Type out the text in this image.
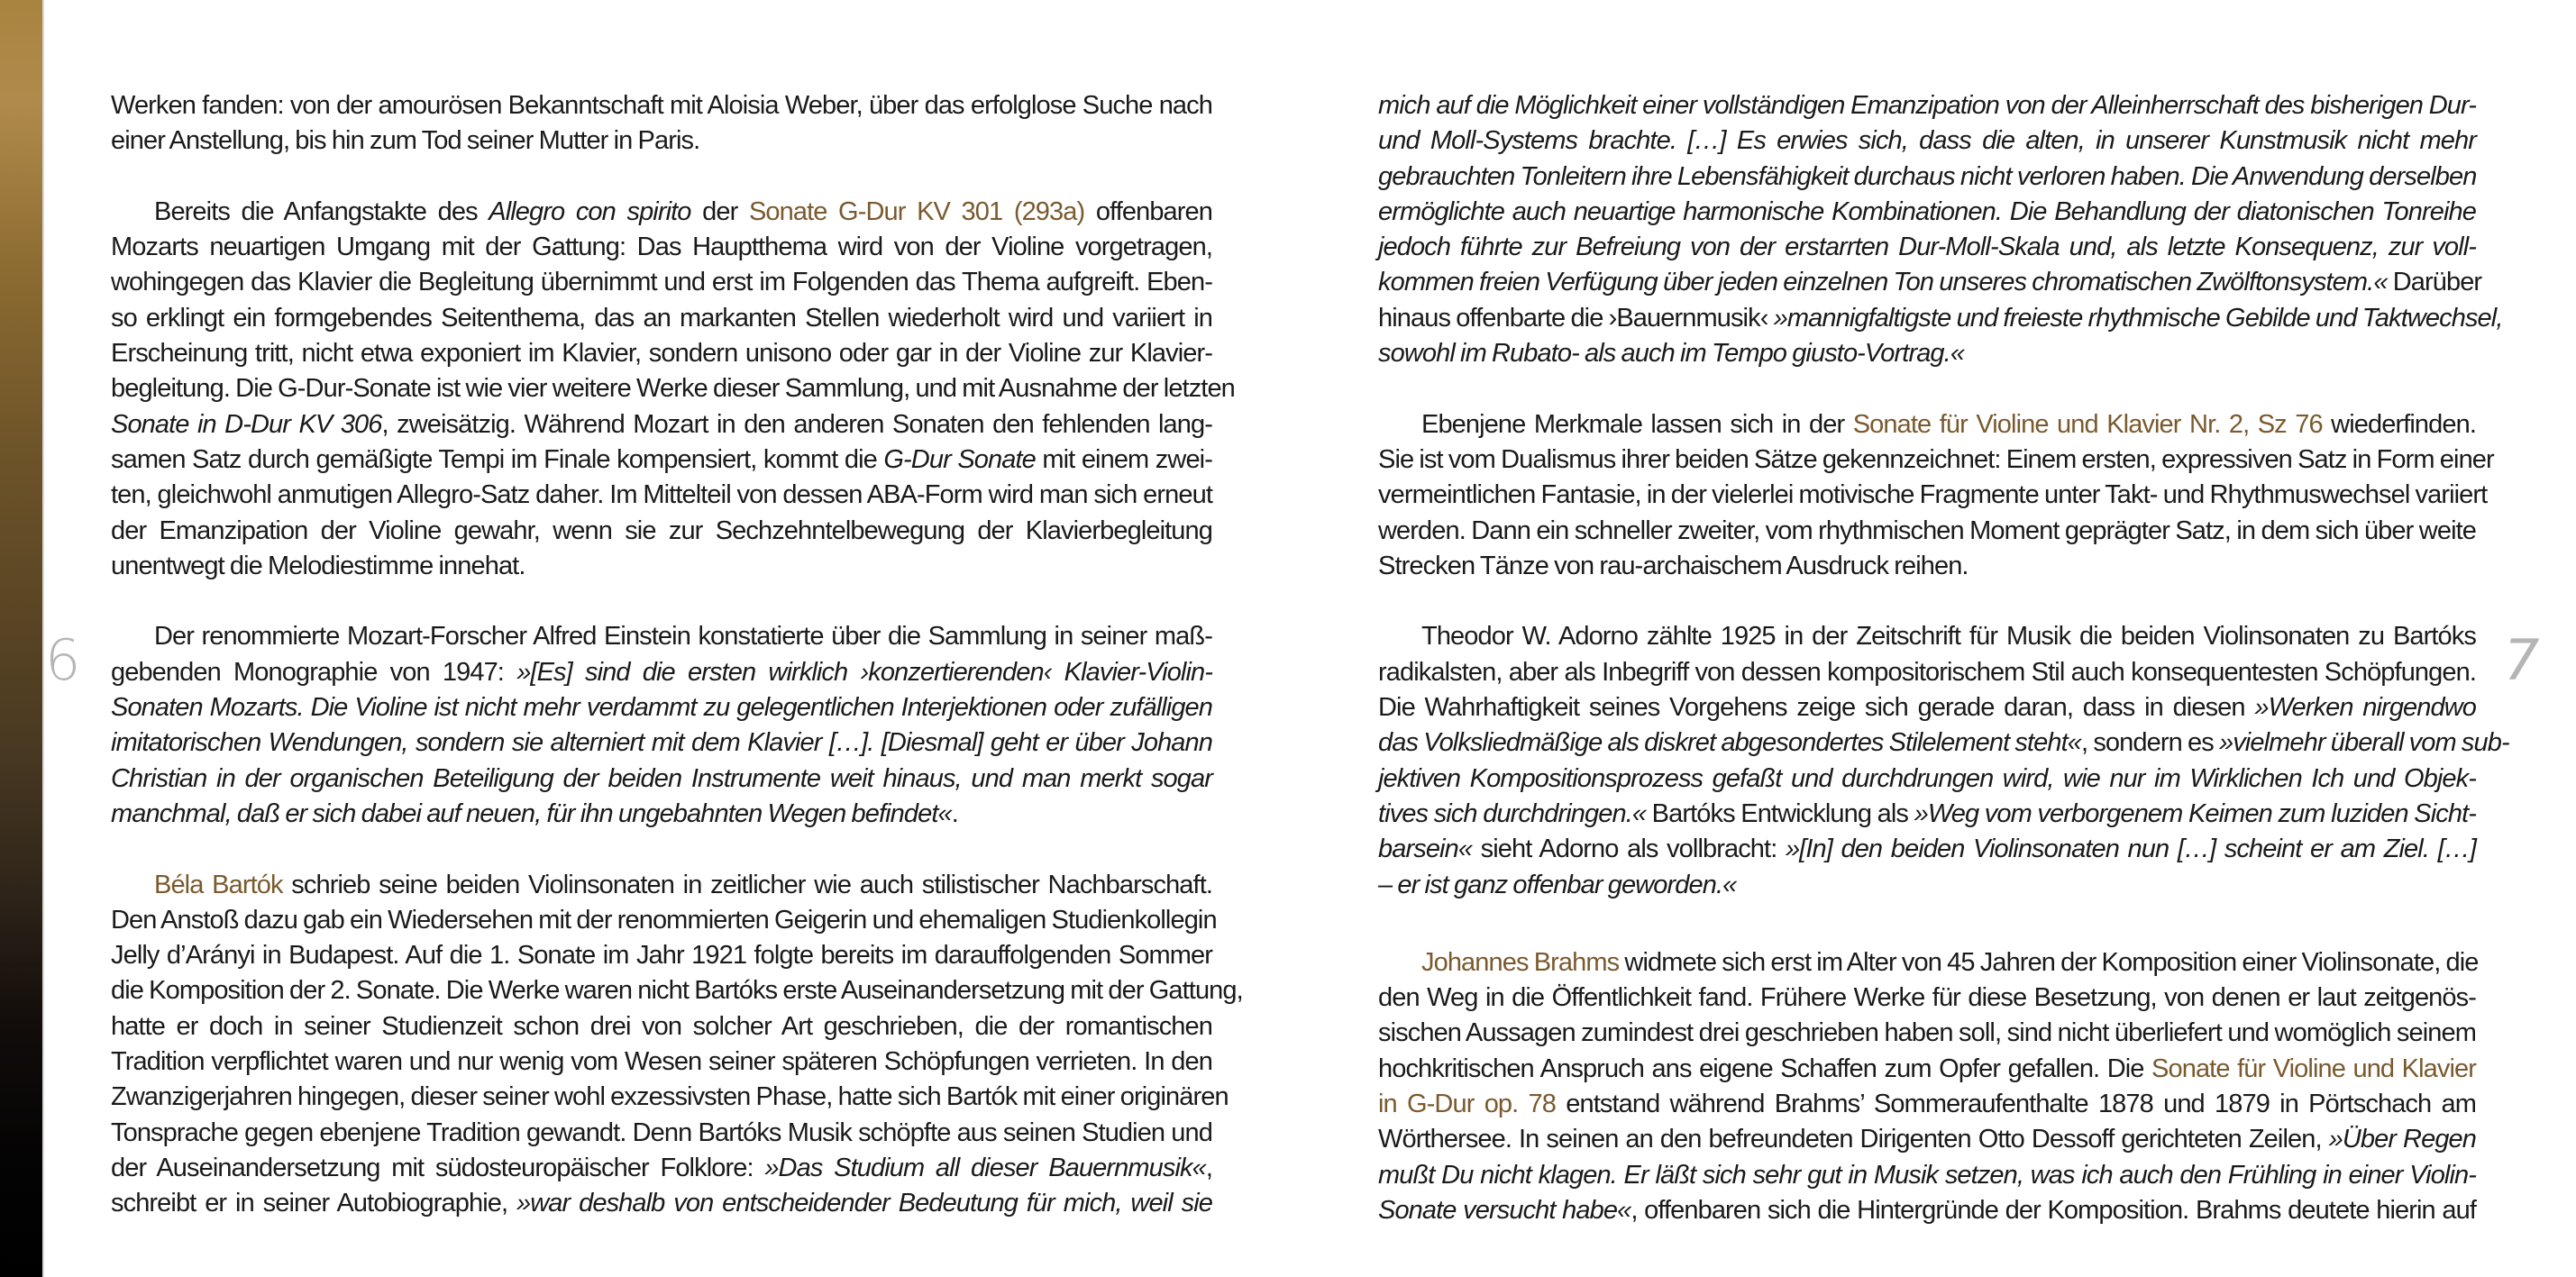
6	7
Werken fanden: von der amourösen Bekanntschaft mit Aloisia Weber, über das erfolglose Suche nach
einer Anstellung, bis hin zum Tod seiner Mutter in Paris.
Bereits die Anfangstakte des Allegro con spirito der Sonate G-Dur KV 301 (293a) offenbaren
Mozarts neuartigen Umgang mit der Gattung: Das Hauptthema wird von der Violine vorgetragen,
wohingegen das Klavier die Begleitung übernimmt und erst im Folgenden das Thema aufgreift. Eben-
so erklingt ein formgebendes Seitenthema, das an markanten Stellen wiederholt wird und variiert in
Erscheinung tritt, nicht etwa exponiert im Klavier, sondern unisono oder gar in der Violine zur Klavier-
begleitung. Die G-Dur-Sonate ist wie vier weitere Werke dieser Sammlung, und mit Ausnahme der letzten
Sonate in D-Dur KV 306, zweisätzig. Während Mozart in den anderen Sonaten den fehlenden lang-
samen Satz durch gemäßigte Tempi im Finale kompensiert, kommt die G-Dur Sonate mit einem zwei-
ten, gleichwohl anmutigen Allegro-Satz daher. Im Mittelteil von dessen ABA-Form wird man sich erneut
der Emanzipation der Violine gewahr, wenn sie zur Sechzehntelbewegung der Klavierbegleitung
unentwegt die Melodiestimme innehat.
Der renommierte Mozart-Forscher Alfred Einstein konstatierte über die Sammlung in seiner maß-
gebenden Monographie von 1947: »[Es] sind die ersten wirklich ›konzertierenden‹ Klavier-Violin-
Sonaten Mozarts. Die Violine ist nicht mehr verdammt zu gelegentlichen Interjektionen oder zufälligen
imitatorischen Wendungen, sondern sie alterniert mit dem Klavier […]. [Diesmal] geht er über Johann
Christian in der organischen Beteiligung der beiden Instrumente weit hinaus, und man merkt sogar
manchmal, daß er sich dabei auf neuen, für ihn ungebahnten Wegen befindet«.
Béla Bartók schrieb seine beiden Violinsonaten in zeitlicher wie auch stilistischer Nachbarschaft.
Den Anstoß dazu gab ein Wiedersehen mit der renommierten Geigerin und ehemaligen Studienkollegin
Jelly d’Arányi in Budapest. Auf die 1. Sonate im Jahr 1921 folgte bereits im darauffolgenden Sommer
die Komposition der 2. Sonate. Die Werke waren nicht Bartóks erste Auseinandersetzung mit der Gattung,
hatte er doch in seiner Studienzeit schon drei von solcher Art geschrieben, die der romantischen
Tradition verpflichtet waren und nur wenig vom Wesen seiner späteren Schöpfungen verrieten. In den
Zwanzigerjahren hingegen, dieser seiner wohl exzessivsten Phase, hatte sich Bartók mit einer originären
Tonsprache gegen ebenjene Tradition gewandt. Denn Bartóks Musik schöpfte aus seinen Studien und
der Auseinandersetzung mit südosteuropäischer Folklore: »Das Studium all dieser Bauernmusik«,
schreibt er in seiner Autobiographie, »war deshalb von entscheidender Bedeutung für mich, weil sie
mich auf die Möglichkeit einer vollständigen Emanzipation von der Alleinherrschaft des bisherigen Dur-
und Moll-Systems brachte. […] Es erwies sich, dass die alten, in unserer Kunstmusik nicht mehr
gebrauchten Tonleitern ihre Lebensfähigkeit durchaus nicht verloren haben. Die Anwendung derselben
ermöglichte auch neuartige harmonische Kombinationen. Die Behandlung der diatonischen Tonreihe
jedoch führte zur Befreiung von der erstarrten Dur-Moll-Skala und, als letzte Konsequenz, zur voll-
kommen freien Verfügung über jeden einzelnen Ton unseres chromatischen Zwölftonsystem.« Darüber
hinaus offenbarte die ›Bauernmusik‹ »mannigfaltigste und freieste rhythmische Gebilde und Taktwechsel,
sowohl im Rubato- als auch im Tempo giusto-Vortrag.«
Ebenjene Merkmale lassen sich in der Sonate für Violine und Klavier Nr. 2, Sz 76 wiederfinden.
Sie ist vom Dualismus ihrer beiden Sätze gekennzeichnet: Einem ersten, expressiven Satz in Form einer
vermeintlichen Fantasie, in der vielerlei motivische Fragmente unter Takt- und Rhythmuswechsel variiert
werden. Dann ein schneller zweiter, vom rhythmischen Moment geprägter Satz, in dem sich über weite
Strecken Tänze von rau-archaischem Ausdruck reihen.
Theodor W. Adorno zählte 1925 in der Zeitschrift für Musik die beiden Violinsonaten zu Bartóks
radikalsten, aber als Inbegriff von dessen kompositorischem Stil auch konsequentesten Schöpfungen.
Die Wahrhaftigkeit seines Vorgehens zeige sich gerade daran, dass in diesen »Werken nirgendwo
das Volksliedmäßige als diskret abgesondertes Stilelement steht«, sondern es »vielmehr überall vom sub-
jektiven Kompositionsprozess gefaßt und durchdrungen wird, wie nur im Wirklichen Ich und Objek-
tives sich durchdringen.« Bartóks Entwicklung als »Weg vom verborgenem Keimen zum luziden Sicht-
barsein« sieht Adorno als vollbracht: »[In] den beiden Violinsonaten nun […] scheint er am Ziel. […]
– er ist ganz offenbar geworden.«
Johannes Brahms widmete sich erst im Alter von 45 Jahren der Komposition einer Violinsonate, die
den Weg in die Öffentlichkeit fand. Frühere Werke für diese Besetzung, von denen er laut zeitgenös-
sischen Aussagen zumindest drei geschrieben haben soll, sind nicht überliefert und womöglich seinem
hochkritischen Anspruch ans eigene Schaffen zum Opfer gefallen. Die Sonate für Violine und Klavier
in G-Dur op. 78 entstand während Brahms’ Sommeraufenthalte 1878 und 1879 in Pörtschach am
Wörthersee. In seinen an den befreundeten Dirigenten Otto Dessoff gerichteten Zeilen, »Über Regen
mußt Du nicht klagen. Er läßt sich sehr gut in Musik setzen, was ich auch den Frühling in einer Violin-
Sonate versucht habe«, offenbaren sich die Hintergründe der Komposition. Brahms deutete hierin auf
